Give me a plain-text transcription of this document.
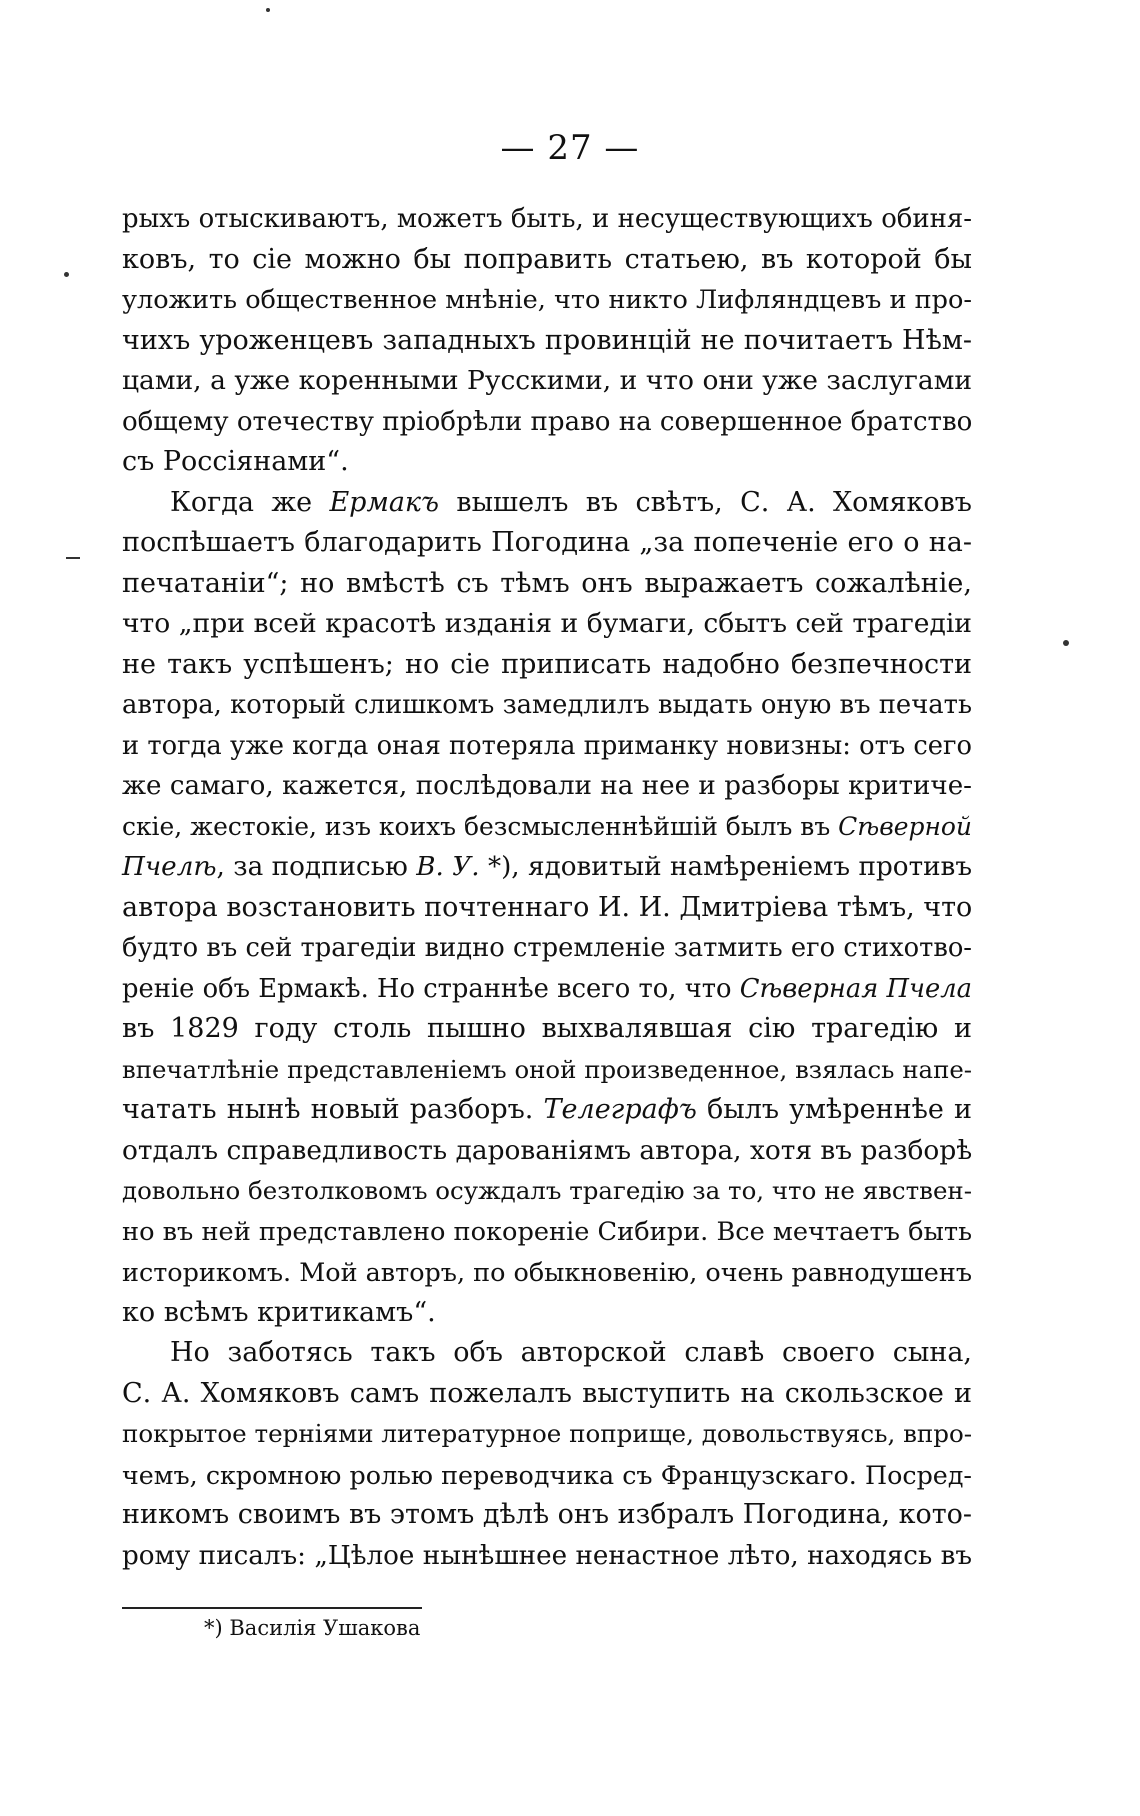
— 27 —
рыхъ отыскиваютъ, можетъ быть, и несуществующихъ обиня-
ковъ, то сіе можно бы поправить статьею, въ которой бы
уложить общественное мнѣніе, что никто Лифляндцевъ и про-
чихъ уроженцевъ западныхъ провинцій не почитаетъ Нѣм-
цами, а уже коренными Русскими, и что они уже заслугами
общему отечеству пріобрѣли право на совершенное братство
съ Россіянами“.
Когда же Ермакъ вышелъ въ свѣтъ, С. А. Хомяковъ
поспѣшаетъ благодарить Погодина „за попеченіе его о на-
печатаніи“; но вмѣстѣ съ тѣмъ онъ выражаетъ сожалѣніе,
что „при всей красотѣ изданія и бумаги, сбытъ сей трагедіи
не такъ успѣшенъ; но сіе приписать надобно безпечности
автора, который слишкомъ замедлилъ выдать оную въ печать
и тогда уже когда оная потеряла приманку новизны: отъ сего
же самаго, кажется, послѣдовали на нее и разборы критиче-
скіе, жестокіе, изъ коихъ безсмысленнѣйшій былъ въ Сѣверной
Пчелѣ, за подписью В. У. *), ядовитый намѣреніемъ противъ
автора возстановить почтеннаго И. И. Дмитріева тѣмъ, что
будто въ сей трагедіи видно стремленіе затмить его стихотво-
реніе объ Ермакѣ. Но страннѣе всего то, что Сѣверная Пчела
въ 1829 году столь пышно выхвалявшая сію трагедію и
впечатлѣніе представленіемъ оной произведенное, взялась напе-
чатать нынѣ новый разборъ. Телеграфъ былъ умѣреннѣе и
отдалъ справедливость дарованіямъ автора, хотя въ разборѣ
довольно безтолковомъ осуждалъ трагедію за то, что не явствен-
но въ ней представлено покореніе Сибири. Все мечтаетъ быть
историкомъ. Мой авторъ, по обыкновенію, очень равнодушенъ
ко всѣмъ критикамъ“.
Но заботясь такъ объ авторской славѣ своего сына,
С. А. Хомяковъ самъ пожелалъ выступить на скользское и
покрытое терніями литературное поприще, довольствуясь, впро-
чемъ, скромною ролью переводчика съ Французскаго. Посред-
никомъ своимъ въ этомъ дѣлѣ онъ избралъ Погодина, кото-
рому писалъ: „Цѣлое нынѣшнее ненастное лѣто, находясь въ
*) Василія Ушакова
